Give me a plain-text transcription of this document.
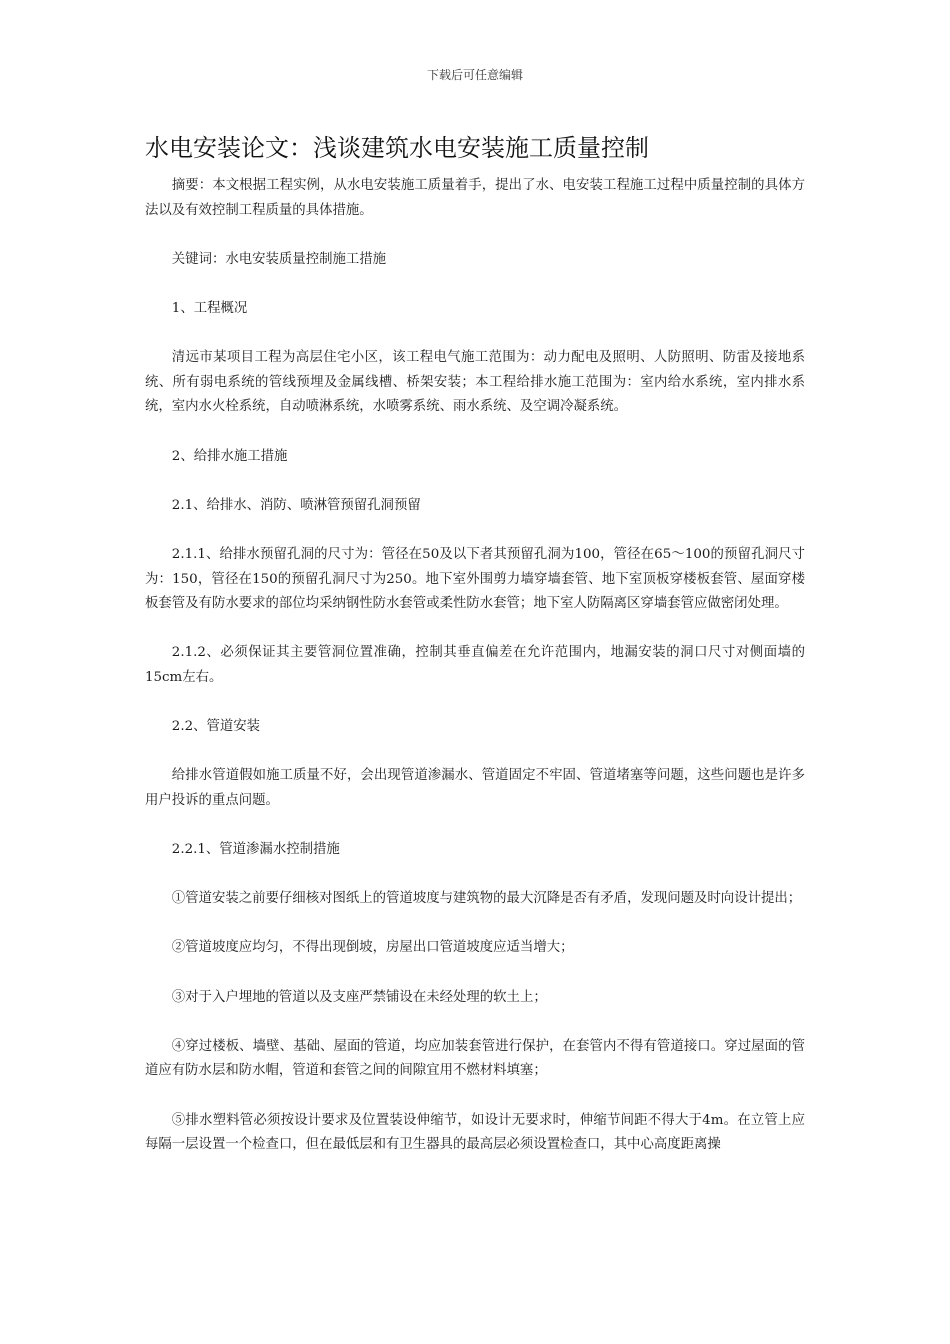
下载后可任意编辑
水电安装论文：浅谈建筑水电安装施工质量控制

摘要：本文根据工程实例，从水电安装施工质量着手，提出了水、电安装工程施工过程中质量控制的具体方法以及有效控制工程质量的具体措施。

关键词：水电安装质量控制施工措施

1、工程概况

清远市某项目工程为高层住宅小区，该工程电气施工范围为：动力配电及照明、人防照明、防雷及接地系统、所有弱电系统的管线预埋及金属线槽、桥架安装；本工程给排水施工范围为：室内给水系统，室内排水系统，室内水火栓系统，自动喷淋系统，水喷雾系统、雨水系统、及空调冷凝系统。

2、给排水施工措施

2.1、给排水、消防、喷淋管预留孔洞预留

2.1.1、给排水预留孔洞的尺寸为：管径在50及以下者其预留孔洞为100，管径在65～100的预留孔洞尺寸为：150，管径在150的预留孔洞尺寸为250。地下室外围剪力墙穿墙套管、地下室顶板穿楼板套管、屋面穿楼板套管及有防水要求的部位均采纳钢性防水套管或柔性防水套管；地下室人防隔离区穿墙套管应做密闭处理。

2.1.2、必须保证其主要管洞位置准确，控制其垂直偏差在允许范围内，地漏安装的洞口尺寸对侧面墙的15cm左右。

2.2、管道安装

给排水管道假如施工质量不好，会出现管道渗漏水、管道固定不牢固、管道堵塞等问题，这些问题也是许多用户投诉的重点问题。

2.2.1、管道渗漏水控制措施

①管道安装之前要仔细核对图纸上的管道坡度与建筑物的最大沉降是否有矛盾，发现问题及时向设计提出；

②管道坡度应均匀，不得出现倒坡，房屋出口管道坡度应适当增大；

③对于入户埋地的管道以及支座严禁铺设在未经处理的软土上；

④穿过楼板、墙壁、基础、屋面的管道，均应加装套管进行保护，在套管内不得有管道接口。穿过屋面的管道应有防水层和防水帽，管道和套管之间的间隙宜用不燃材料填塞；

⑤排水塑料管必须按设计要求及位置装设伸缩节，如设计无要求时，伸缩节间距不得大于4m。在立管上应每隔一层设置一个检查口，但在最低层和有卫生器具的最高层必须设置检查口，其中心高度距离操
